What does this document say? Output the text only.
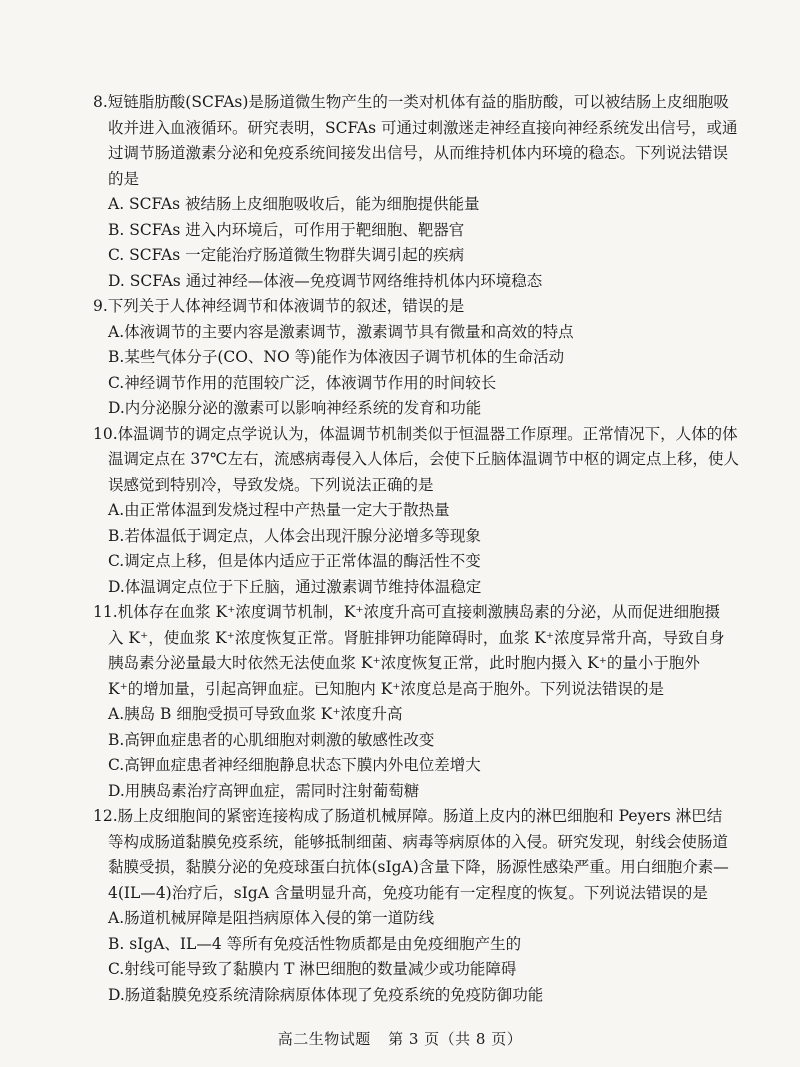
8.短链脂肪酸(SCFAs)是肠道微生物产生的一类对机体有益的脂肪酸，可以被结肠上皮细胞吸
收并进入血液循环。研究表明，SCFAs 可通过刺激迷走神经直接向神经系统发出信号，或通
过调节肠道激素分泌和免疫系统间接发出信号，从而维持机体内环境的稳态。下列说法错误
的是
A. SCFAs 被结肠上皮细胞吸收后，能为细胞提供能量
B. SCFAs 进入内环境后，可作用于靶细胞、靶器官
C. SCFAs 一定能治疗肠道微生物群失调引起的疾病
D. SCFAs 通过神经—体液—免疫调节网络维持机体内环境稳态
9.下列关于人体神经调节和体液调节的叙述，错误的是
A.体液调节的主要内容是激素调节，激素调节具有微量和高效的特点
B.某些气体分子(CO、NO 等)能作为体液因子调节机体的生命活动
C.神经调节作用的范围较广泛，体液调节作用的时间较长
D.内分泌腺分泌的激素可以影响神经系统的发育和功能
10.体温调节的调定点学说认为，体温调节机制类似于恒温器工作原理。正常情况下，人体的体
温调定点在 37℃左右，流感病毒侵入人体后，会使下丘脑体温调节中枢的调定点上移，使人
误感觉到特别冷，导致发烧。下列说法正确的是
A.由正常体温到发烧过程中产热量一定大于散热量
B.若体温低于调定点，人体会出现汗腺分泌增多等现象
C.调定点上移，但是体内适应于正常体温的酶活性不变
D.体温调定点位于下丘脑，通过激素调节维持体温稳定
11.机体存在血浆 K⁺浓度调节机制，K⁺浓度升高可直接刺激胰岛素的分泌，从而促进细胞摄
入 K⁺，使血浆 K⁺浓度恢复正常。肾脏排钾功能障碍时，血浆 K⁺浓度异常升高，导致自身
胰岛素分泌量最大时依然无法使血浆 K⁺浓度恢复正常，此时胞内摄入 K⁺的量小于胞外
K⁺的增加量，引起高钾血症。已知胞内 K⁺浓度总是高于胞外。下列说法错误的是
A.胰岛 B 细胞受损可导致血浆 K⁺浓度升高
B.高钾血症患者的心肌细胞对刺激的敏感性改变
C.高钾血症患者神经细胞静息状态下膜内外电位差增大
D.用胰岛素治疗高钾血症，需同时注射葡萄糖
12.肠上皮细胞间的紧密连接构成了肠道机械屏障。肠道上皮内的淋巴细胞和 Peyers 淋巴结
等构成肠道黏膜免疫系统，能够抵制细菌、病毒等病原体的入侵。研究发现，射线会使肠道
黏膜受损，黏膜分泌的免疫球蛋白抗体(sIgA)含量下降，肠源性感染严重。用白细胞介素—
4(IL—4)治疗后，sIgA 含量明显升高，免疫功能有一定程度的恢复。下列说法错误的是
A.肠道机械屏障是阻挡病原体入侵的第一道防线
B. sIgA、IL—4 等所有免疫活性物质都是由免疫细胞产生的
C.射线可能导致了黏膜内 T 淋巴细胞的数量减少或功能障碍
D.肠道黏膜免疫系统清除病原体体现了免疫系统的免疫防御功能
高二生物试题 第 3 页（共 8 页）
